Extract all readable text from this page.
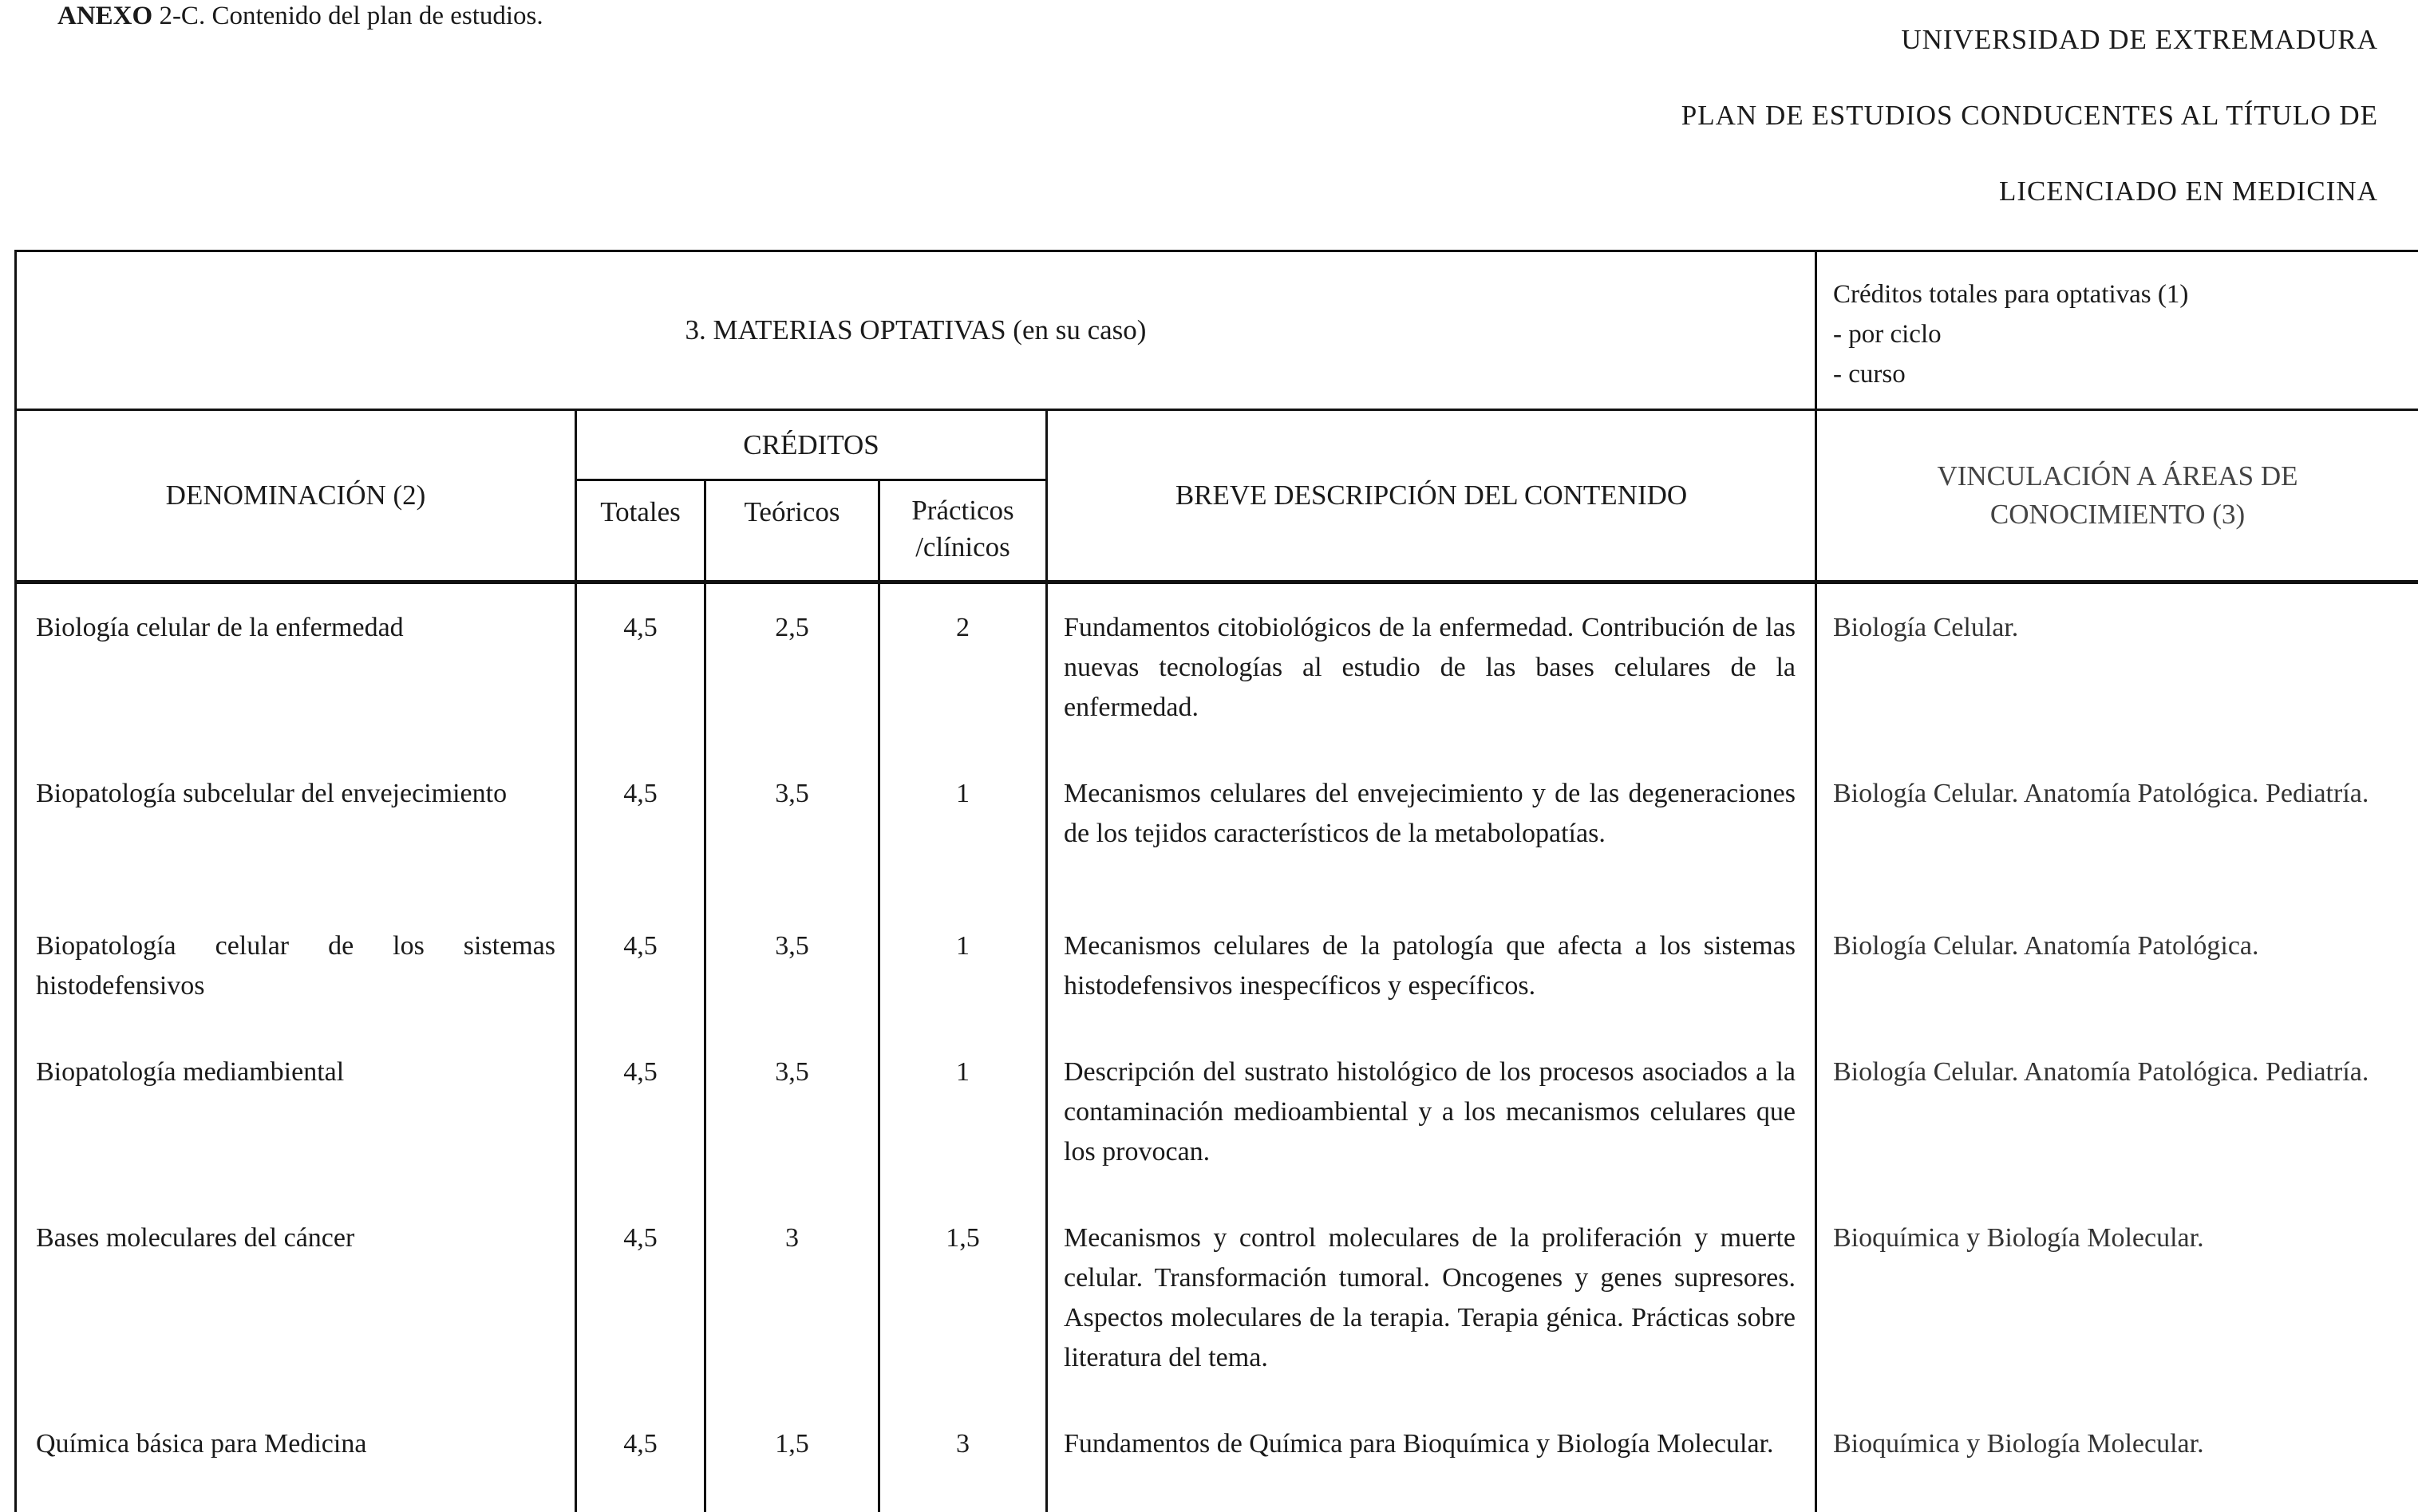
ANEXO 2-C. Contenido del plan de estudios.
UNIVERSIDAD DE EXTREMADURA
PLAN DE ESTUDIOS CONDUCENTES AL TÍTULO DE
LICENCIADO EN MEDICINA
3. MATERIAS OPTATIVAS (en su caso)					Créditos totales para optativas (1)
- por ciclo
- curso

DENOMINACIÓN (2)	CRÉDITOS			BREVE DESCRIPCIÓN DEL CONTENIDO	VINCULACIÓN A ÁREAS DE
CONOCIMIENTO (3)

	Totales	Teóricos	Prácticos
/clínicos		

Biología celular de la enfermedad	4,5	2,5	2	Fundamentos citobiológicos de la enfermedad. Contribución de las nuevas tecnologías al estudio de las bases celulares de la enfermedad.	Biología Celular.
Biopatología subcelular del envejecimiento	4,5	3,5	1	Mecanismos celulares del envejecimiento y de las degeneraciones de los tejidos característicos de la metabolopatías.	Biología Celular. Anatomía Patológica. Pediatría.
Biopatología celular de los sistemas histodefensivos	4,5	3,5	1	Mecanismos celulares de la patología que afecta a los sistemas histodefensivos inespecíficos y específicos.	Biología Celular. Anatomía Patológica.
Biopatología mediambiental	4,5	3,5	1	Descripción del sustrato histológico de los procesos asociados a la contaminación medioambiental y a los mecanismos celulares que los provocan.	Biología Celular. Anatomía Patológica. Pediatría.
Bases moleculares del cáncer	4,5	3	1,5	Mecanismos y control moleculares de la proliferación y muerte celular. Transformación tumoral. Oncogenes y genes supresores. Aspectos moleculares de la terapia. Terapia génica. Prácticas sobre literatura del tema.	Bioquímica y Biología Molecular.
Química básica para Medicina	4,5	1,5	3	Fundamentos de Química para Bioquímica y Biología Molecular.	Bioquímica y Biología Molecular.
